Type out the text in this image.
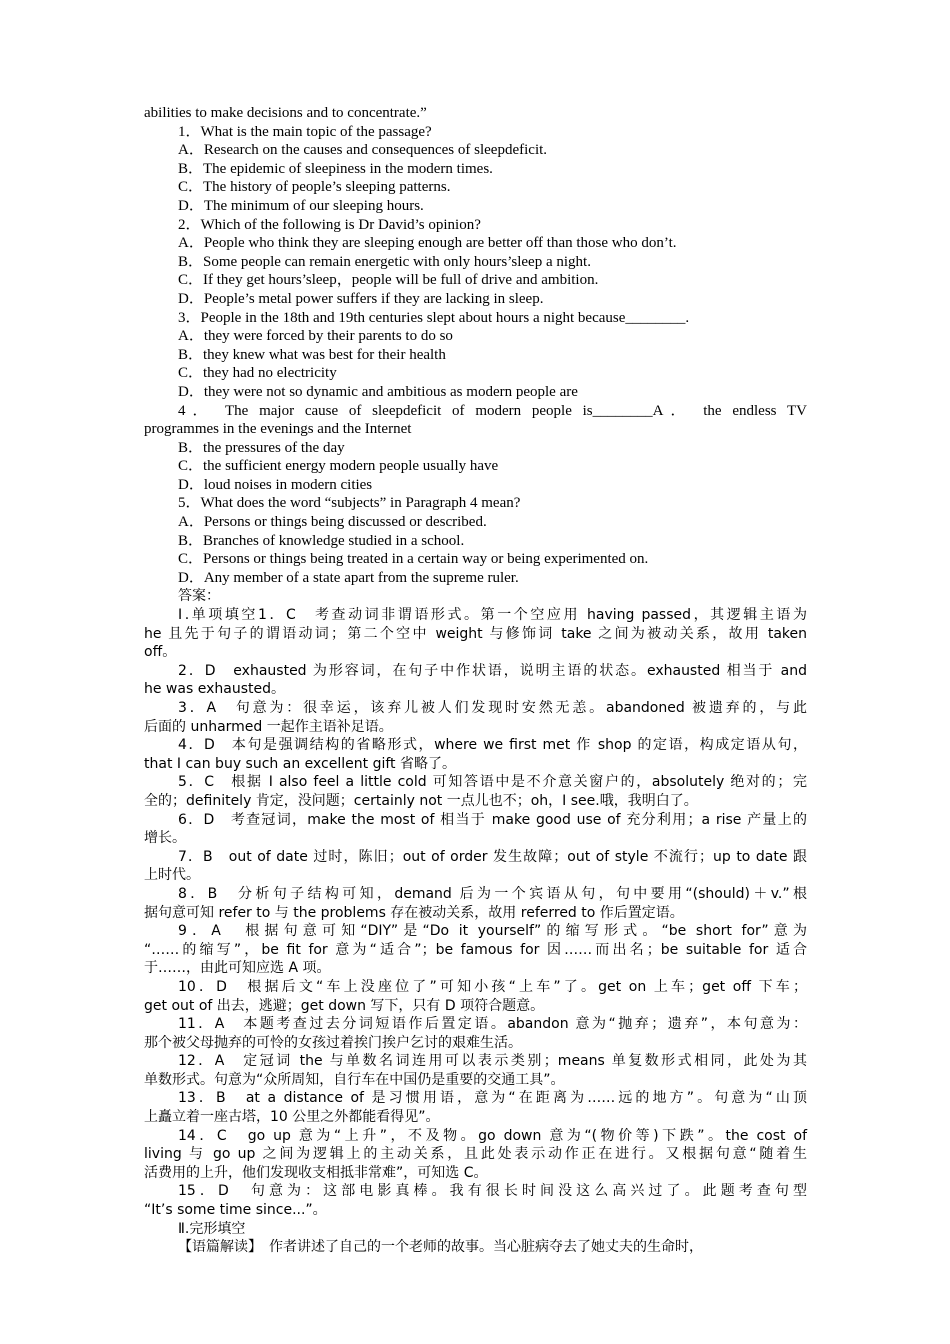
abilities to make decisions and to concentrate.”
1．What is the main topic of the passage?
A．Research on the causes and consequences of sleepdeficit.
B．The epidemic of sleepiness in the modern times.
C．The history of people’s sleeping patterns.
D．The minimum of our sleeping hours.
2．Which of the following is Dr David’s opinion?
A．People who think they are sleeping enough are better off than those who don’t.
B．Some people can remain energetic with only hours’sleep a night.
C．If they get hours’sleep，people will be full of drive and ambition.
D．People’s metal power suffers if they are lacking in sleep.
3．People in the 18th and 19th centuries slept about hours a night because________.
A．they were forced by their parents to do so
B．they knew what was best for their health
C．they had no electricity
D．they were not so dynamic and ambitious as modern people are
4． The major cause of sleepdeficit of modern people is________A． the endless TV
programmes in the evenings and the Internet
B．the pressures of the day
C．the sufficient energy modern people usually have
D．loud noises in modern cities
5．What does the word “subjects” in Paragraph 4 mean?
A．Persons or things being discussed or described.
B．Branches of knowledge studied in a school.
C．Persons or things being treated in a certain way or being experimented on.
D．Any member of a state apart from the supreme ruler.
答案：
Ⅰ.单项填空1．C　考查动词非谓语形式。第一个空应用 having passed，其逻辑主语为
he 且先于句子的谓语动词；第二个空中 weight 与修饰词 take 之间为被动关系，故用 taken
off。
2．D　exhausted 为形容词，在句子中作状语，说明主语的状态。exhausted 相当于 and
he was exhausted。
3．A　句意为：很幸运，该弃儿被人们发现时安然无恙。abandoned 被遗弃的，与此
后面的 unharmed 一起作主语补足语。
4．D　本句是强调结构的省略形式，where we first met 作 shop 的定语，构成定语从句，
that I can buy such an excellent gift 省略了。
5．C　根据 I also feel a little cold 可知答语中是不介意关窗户的，absolutely 绝对的；完
全的；definitely 肯定，没问题；certainly not 一点儿也不；oh，I see.哦，我明白了。
6．D　考查冠词，make the most of 相当于 make good use of 充分利用；a rise 产量上的
增长。
7．B　out of date 过时，陈旧；out of order 发生故障；out of style 不流行；up to date 跟
上时代。
8．B　分析句子结构可知，demand 后为一个宾语从句，句中要用“(should)＋v.”根
据句意可知 refer to 与 the problems 存在被动关系，故用 referred to 作后置定语。
9．A　根据句意可知“DIY”是“Do it yourself”的缩写形式。“be short for”意为
“……的缩写”，be fit for 意为“适合”；be famous for 因……而出名；be suitable for 适合
于……，由此可知应选 A 项。
10．D　根据后文“车上没座位了”可知小孩“上车”了。get on 上车；get off 下车；
get out of 出去，逃避；get down 写下，只有 D 项符合题意。
11．A　本题考查过去分词短语作后置定语。abandon 意为“抛弃；遗弃”，本句意为：
那个被父母抛弃的可怜的女孩过着挨门挨户乞讨的艰难生活。
12．A　定冠词 the 与单数名词连用可以表示类别；means 单复数形式相同，此处为其
单数形式。句意为“众所周知，自行车在中国仍是重要的交通工具”。
13．B　at a distance of 是习惯用语，意为“在距离为……远的地方”。句意为“山顶
上矗立着一座古塔，10 公里之外都能看得见”。
14．C　go up 意为“上升”，不及物。go down 意为“(物价等)下跌”。the cost of
living 与 go up 之间为逻辑上的主动关系，且此处表示动作正在进行。又根据句意“随着生
活费用的上升，他们发现收支相抵非常难”，可知选 C。
15．D　句意为：这部电影真棒。我有很长时间没这么高兴过了。此题考查句型
“It’s some time since...”。
Ⅱ.完形填空
【语篇解读】　作者讲述了自己的一个老师的故事。当心脏病夺去了她丈夫的生命时，
